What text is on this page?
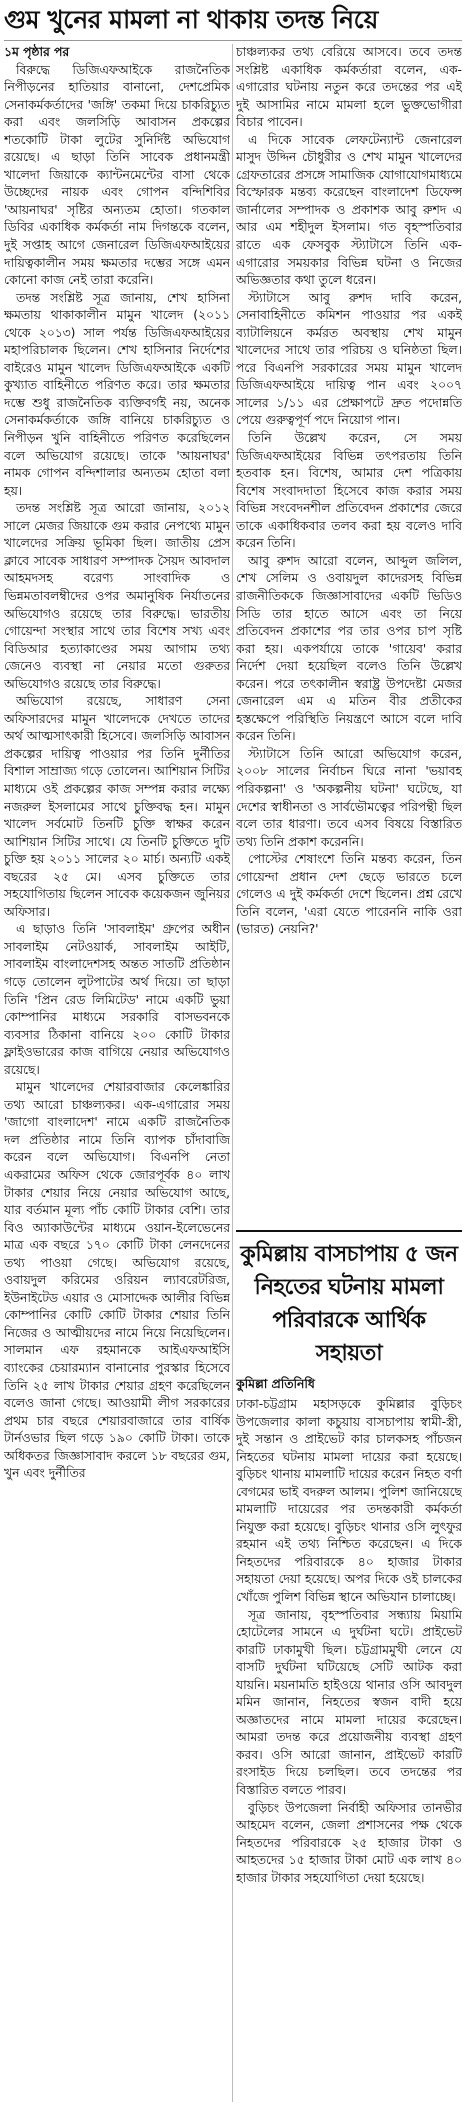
গুম খুনের মামলা না থাকায় তদন্ত নিয়ে

১ম পৃষ্ঠার পর

বিরুদ্ধে ডিজিএফআইকে রাজনৈতিক নিপীড়নের হাতিয়ার বানানো, দেশপ্রেমিক সেনাকর্মকর্তাদের 'জঙ্গি' তকমা দিয়ে চাকরিচ্যুত করা এবং জলসিড়ি আবাসন প্রকল্পের শতকোটি টাকা লুটের সুনির্দিষ্ট অভিযোগ রয়েছে। এ ছাড়া তিনি সাবেক প্রধানমন্ত্রী খালেদা জিয়াকে ক্যান্টনমেন্টের বাসা থেকে উচ্ছেদের নায়ক এবং গোপন বন্দিশিবির 'আয়নাঘর' সৃষ্টির অন্যতম হোতা। গতকাল ডিবির একাধিক কর্মকর্তা নাম দিগন্তকে বলেন, দুই সপ্তাহ আগে জেনারেল ডিজিএফআইয়ের দায়িত্বকালীন সময় ক্ষমতার দম্ভের সঙ্গে এমন কোনো কাজ নেই তারা করেনি।

তদন্ত সংশ্লিষ্ট সূত্র জানায়, শেখ হাসিনা ক্ষমতায় থাকাকালীন মামুন খালেদ (২০১১ থেকে ২০১৩) সাল পর্যন্ত ডিজিএফআইয়ের মহাপরিচালক ছিলেন। শেখ হাসিনার নির্দেশের বাইরেও মামুন খালেদ ডিজিএফআইকে একটি কুখ্যাত বাহিনীতে পরিণত করে। তার ক্ষমতার দম্ভে শুধু রাজনৈতিক ব্যক্তিবর্গই নয়, অনেক সেনাকর্মকর্তাকে জঙ্গি বানিয়ে চাকরিচ্যুত ও নিপীড়ন খুনি বাহিনীতে পরিণত করেছিলেন বলে অভিযোগ রয়েছে। তাকে 'আয়নাঘর' নামক গোপন বন্দিশালার অন্যতম হোতা বলা হয়।

তদন্ত সংশ্লিষ্ট সূত্র আরো জানায়, ২০১২ সালে মেজর জিয়াকে গুম করার নেপথ্যে মামুন খালেদের সক্রিয় ভূমিকা ছিল। জাতীয় প্রেস ক্লাবে সাবেক সাধারণ সম্পাদক সৈয়দ আবদাল আহমদসহ বরেণ্য সাংবাদিক ও ভিন্নমতাবলম্বীদের ওপর অমানুষিক নির্যাতনের অভিযোগও রয়েছে তার বিরুদ্ধে। ভারতীয় গোয়েন্দা সংস্থার সাথে তার বিশেষ সখ্য এবং বিডিআর হত্যাকাণ্ডের সময় আগাম তথ্য জেনেও ব্যবস্থা না নেয়ার মতো গুরুতর অভিযোগও রয়েছে তার বিরুদ্ধে।

অভিযোগ রয়েছে, সাধারণ সেনা অফিসারদের মামুন খালেদকে দেখতে তাদের অর্থ আত্মসাৎকারী হিসেবে। জলসিড়ি আবাসন প্রকল্পের দায়িত্ব পাওয়ার পর তিনি দুর্নীতির বিশাল সাম্রাজ্য গড়ে তোলেন। আশিয়ান সিটির মাধ্যমে ওই প্রকল্পের কাজ সম্পন্ন করার লক্ষ্যে নজরুল ইসলামের সাথে চুক্তিবদ্ধ হন। মামুন খালেদ সর্বমোট তিনটি চুক্তি স্বাক্ষর করেন আশিয়ান সিটির সাথে। যে তিনটি চুক্তিতে দুটি চুক্তি হয় ২০১১ সালের ২০ মার্চ। অন্যটি একই বছরের ২৫ মে। এসব চুক্তিতে তার সহযোগিতায় ছিলেন সাবেক কয়েকজন জুনিয়র অফিসার।

এ ছাড়াও তিনি 'সাবলাইম' গ্রুপের অধীন সাবলাইম নেটওয়ার্ক, সাবলাইম আইটি, সাবলাইম বাংলাদেশসহ অন্তত সাতটি প্রতিষ্ঠান গড়ে তোলেন লুটপাটের অর্থ দিয়ে। তা ছাড়া তিনি 'প্রিন রেড লিমিটেড' নামে একটি ভুয়া কোম্পানির মাধ্যমে সরকারি বাসভবনকে ব্যবসার ঠিকানা বানিয়ে ২০০ কোটি টাকার ফ্লাইওভারের কাজ বাগিয়ে নেয়ার অভিযোগও রয়েছে।

মামুন খালেদের শেয়ারবাজার কেলেঙ্কারির তথ্য আরো চাঞ্চল্যকর। এক-এগারোর সময় 'জাগো বাংলাদেশ' নামে একটি রাজনৈতিক দল প্রতিষ্ঠার নামে তিনি ব্যাপক চাঁদাবাজি করেন বলে অভিযোগ। বিএনপি নেতা একরামের অফিস থেকে জোরপূর্বক ৪০ লাখ টাকার শেয়ার নিয়ে নেয়ার অভিযোগ আছে, যার বর্তমান মূল্য পাঁচ কোটি টাকার বেশি। তার বিও অ্যাকাউন্টের মাধ্যমে ওয়ান-ইলেভেনের মাত্র এক বছরে ১৭০ কোটি টাকা লেনদেনের তথ্য পাওয়া গেছে। অভিযোগ রয়েছে, ওবায়দুল করিমের ওরিয়ন ল্যাবরেটরিজ, ইউনাইটেড এয়ার ও মোসাদ্দেক আলীর বিভিন্ন কোম্পানির কোটি কোটি টাকার শেয়ার তিনি নিজের ও আত্মীয়দের নামে নিয়ে নিয়েছিলেন। সালমান এফ রহমানকে আইএফআইসি ব্যাংকের চেয়ারম্যান বানানোর পুরস্কার হিসেবে তিনি ২৫ লাখ টাকার শেয়ার গ্রহণ করেছিলেন বলেও জানা গেছে। আওয়ামী লীগ সরকারের প্রথম চার বছরে শেয়ারবাজারে তার বার্ষিক টার্নওভার ছিল গড়ে ১৯০ কোটি টাকা। তাকে অধিকতর জিজ্ঞাসাবাদ করলে ১৮ বছরের গুম, খুন এবং দুর্নীতির

চাঞ্চল্যকর তথ্য বেরিয়ে আসবে। তবে তদন্ত সংশ্লিষ্ট একাধিক কর্মকর্তারা বলেন, এক-এগারোর ঘটনায় নতুন করে তদন্তের পর এই দুই আসামির নামে মামলা হলে ভুক্তভোগীরা বিচার পাবেন।

এ দিকে সাবেক লেফটেন্যান্ট জেনারেল মাসুদ উদ্দিন চৌধুরীর ও শেখ মামুন খালেদের গ্রেফতারের প্রসঙ্গে সামাজিক যোগাযোগমাধ্যমে বিস্ফোরক মন্তব্য করেছেন বাংলাদেশ ডিফেন্স জার্নালের সম্পাদক ও প্রকাশক আবু রুশদ এ আর এম শহীদুল ইসলাম। গত বৃহস্পতিবার রাতে এক ফেসবুক স্ট্যাটাসে তিনি এক-এগারোর সময়কার বিভিন্ন ঘটনা ও নিজের অভিজ্ঞতার কথা তুলে ধরেন।

স্ট্যাটাসে আবু রুশদ দাবি করেন, সেনাবাহিনীতে কমিশন পাওয়ার পর একই ব্যাটালিয়নে কর্মরত অবস্থায় শেখ মামুন খালেদের সাথে তার পরিচয় ও ঘনিষ্ঠতা ছিল। পরে বিএনপি সরকারের সময় মামুন খালেদ ডিজিএফআইয়ে দায়িত্ব পান এবং ২০০৭ সালের ১/১১ এর প্রেক্ষাপটে দ্রুত পদোন্নতি পেয়ে গুরুত্বপূর্ণ পদে নিয়োগ পান।

তিনি উল্লেখ করেন, সে সময় ডিজিএফআইয়ের বিভিন্ন তৎপরতায় তিনি হতবাক হন। বিশেষ, আমার দেশ পত্রিকায় বিশেষ সংবাদদাতা হিসেবে কাজ করার সময় বিভিন্ন সংবেদনশীল প্রতিবেদন প্রকাশের জেরে তাকে একাধিকবার তলব করা হয় বলেও দাবি করেন তিনি।

আবু রুশদ আরো বলেন, আব্দুল জলিল, শেখ সেলিম ও ওবায়দুল কাদেরসহ বিভিন্ন রাজনীতিককে জিজ্ঞাসাবাদের একটি ভিডিও সিডি তার হাতে আসে এবং তা নিয়ে প্রতিবেদন প্রকাশের পর তার ওপর চাপ সৃষ্টি করা হয়। একপর্যায়ে তাকে 'গায়েব' করার নির্দেশ দেয়া হয়েছিল বলেও তিনি উল্লেখ করেন। পরে তৎকালীন স্বরাষ্ট্র উপদেষ্টা মেজর জেনারেল এম এ মতিন বীর প্রতীকের হস্তক্ষেপে পরিস্থিতি নিয়ন্ত্রণে আসে বলে দাবি করেন তিনি।

স্ট্যাটাসে তিনি আরো অভিযোগ করেন, ২০০৮ সালের নির্বাচন ঘিরে নানা 'ভয়াবহ পরিকল্পনা' ও 'অকল্পনীয় ঘটনা' ঘটেছে, যা দেশের স্বাধীনতা ও সার্বভৌমত্বের পরিপন্থী ছিল বলে তার ধারণা। তবে এসব বিষয়ে বিস্তারিত তথ্য তিনি প্রকাশ করেননি।

পোস্টের শেষাংশে তিনি মন্তব্য করেন, তিন গোয়েন্দা প্রধান দেশ ছেড়ে ভারতে চলে গেলেও এ দুই কর্মকর্তা দেশে ছিলেন। প্রশ্ন রেখে তিনি বলেন, 'এরা যেতে পারেননি নাকি ওরা (ভারত) নেয়নি?'

কুমিল্লায় বাসচাপায় ৫ জন নিহতের ঘটনায় মামলা পরিবারকে আর্থিক সহায়তা
কুমিল্লা প্রতিনিধি

ঢাকা-চট্টগ্রাম মহাসড়কে কুমিল্লার বুড়িচং উপজেলার কালা কচুয়ায় বাসচাপায় স্বামী-স্ত্রী, দুই সন্তান ও প্রাইভেট কার চালকসহ পাঁচজন নিহতের ঘটনায় মামলা দায়ের করা হয়েছে। বুড়িচং থানায় মামলাটি দায়ের করেন নিহত বর্ণা বেগমের ভাই বদরুল আলম। পুলিশ জানিয়েছে মামলাটি দায়েরের পর তদন্তকারী কর্মকর্তা নিযুক্ত করা হয়েছে। বুড়িচং থানার ওসি লুৎফুর রহমান এই তথ্য নিশ্চিত করেছেন। এ দিকে নিহতদের পরিবারকে ৪০ হাজার টাকার সহায়তা দেয়া হয়েছে। অপর দিকে ওই চালকের খোঁজে পুলিশ বিভিন্ন স্থানে অভিযান চালাচ্ছে।

সূত্র জানায়, বৃহস্পতিবার সন্ধ্যায় মিয়ামি হোটেলের সামনে এ দুর্ঘটনা ঘটে। প্রাইভেট কারটি ঢাকামুখী ছিল। চট্টগ্রামমুখী লেনে যে বাসটি দুর্ঘটনা ঘটিয়েছে সেটি আটক করা যায়নি। ময়নামতি হাইওয়ে থানার ওসি আবদুল মমিন জানান, নিহতের স্বজন বাদী হয়ে অজ্ঞাতদের নামে মামলা দায়ের করেছেন। আমরা তদন্ত করে প্রয়োজনীয় ব্যবস্থা গ্রহণ করব। ওসি আরো জানান, প্রাইভেট কারটি রংসাইড দিয়ে চলছিল। তবে তদন্তের পর বিস্তারিত বলতে পারব।

বুড়িচং উপজেলা নির্বাহী অফিসার তানভীর আহমেদ বলেন, জেলা প্রশাসনের পক্ষ থেকে নিহতদের পরিবারকে ২৫ হাজার টাকা ও আহতদের ১৫ হাজার টাকা মোট এক লাখ ৪০ হাজার টাকার সহযোগিতা দেয়া হয়েছে।
